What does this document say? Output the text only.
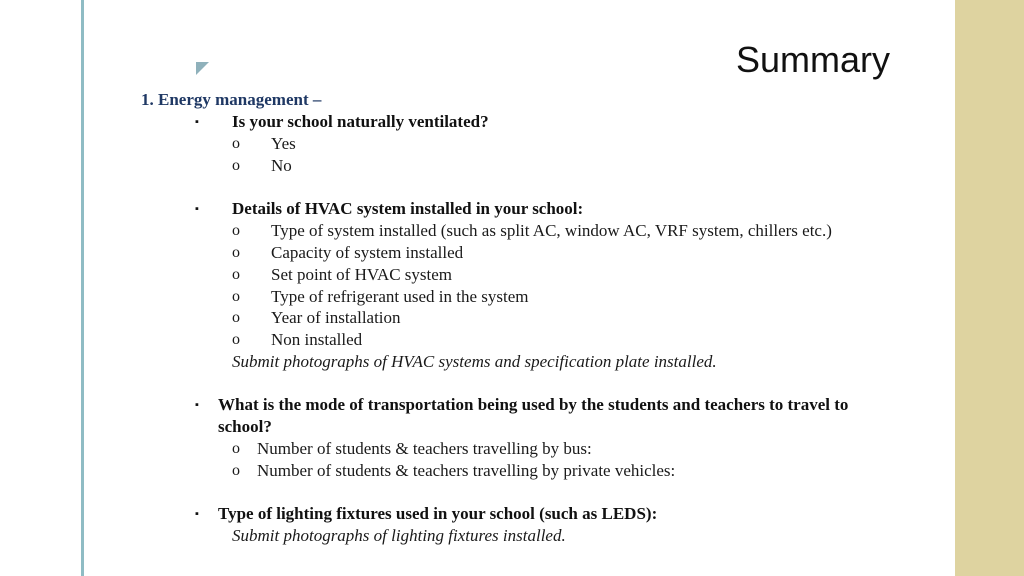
Summary
1. Energy management –
▪ Is your school naturally ventilated?
o Yes
o No
▪ Details of HVAC system installed in your school:
o Type of system installed (such as split AC, window AC, VRF system, chillers etc.)
o Capacity of system installed
o Set point of HVAC system
o Type of refrigerant used in the system
o Year of installation
o Non installed
Submit photographs of HVAC systems and specification plate installed.
▪ What is the mode of transportation being used by the students and teachers to travel to
school?
o Number of students & teachers travelling by bus:
o Number of students & teachers travelling by private vehicles:
▪ Type of lighting fixtures used in your school (such as LEDS):
Submit photographs of lighting fixtures installed.
